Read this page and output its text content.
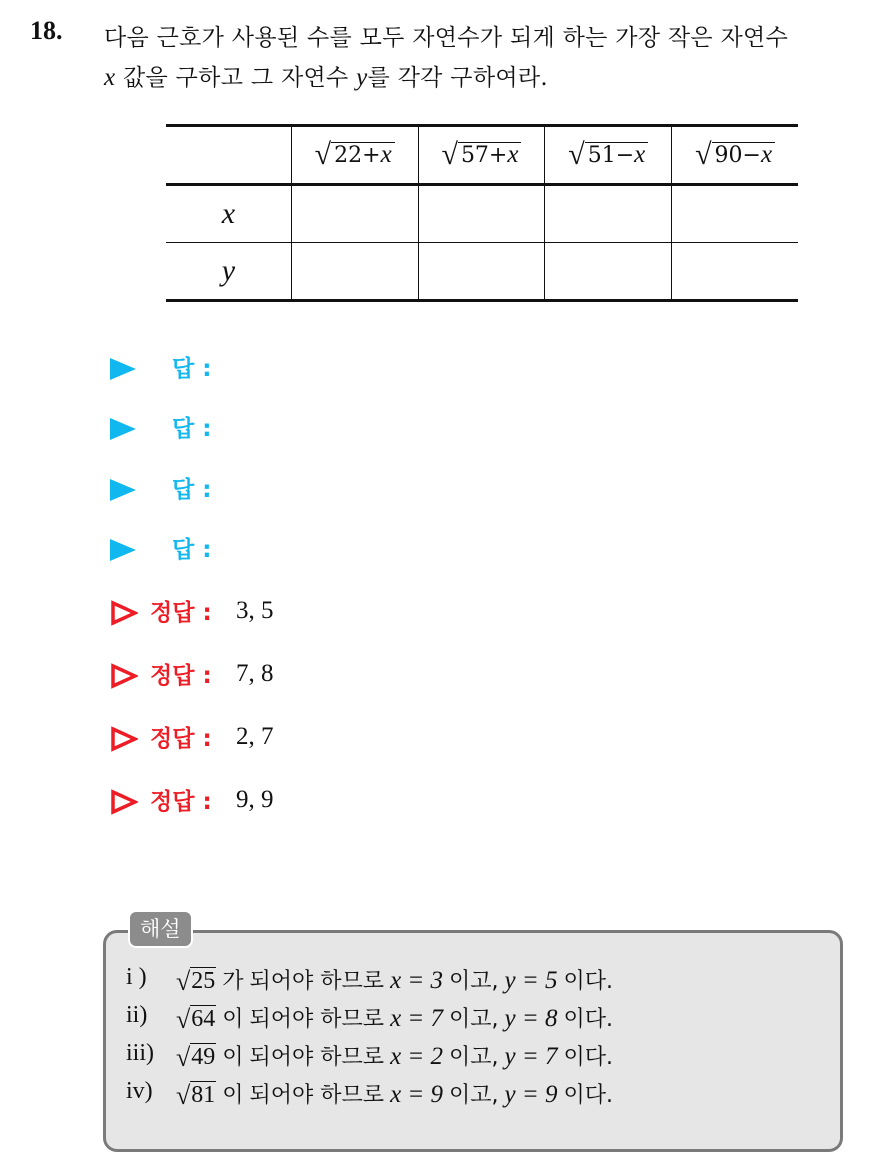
18. 다음 근호가 사용된 수를 모두 자연수가 되게 하는 가장 작은 자연수
x 값을 구하고 그 자연수 y를 각각 구하여라.
	√ 22+x	√ 57+x	√ 51−x	√ 90−x
x				
y				
답 :
답 :
답 :
답 :
정답 : 3, 5
정답 : 7, 8
정답 : 2, 7
정답 : 9, 9
해설
i )	√25 가 되어야 하므로 x = 3 이고, y = 5 이다.
ii)	√64 이 되어야 하므로 x = 7 이고, y = 8 이다.
iii) √49 이 되어야 하므로 x = 2 이고, y = 7 이다.
iv) √81 이 되어야 하므로 x = 9 이고, y = 9 이다.
